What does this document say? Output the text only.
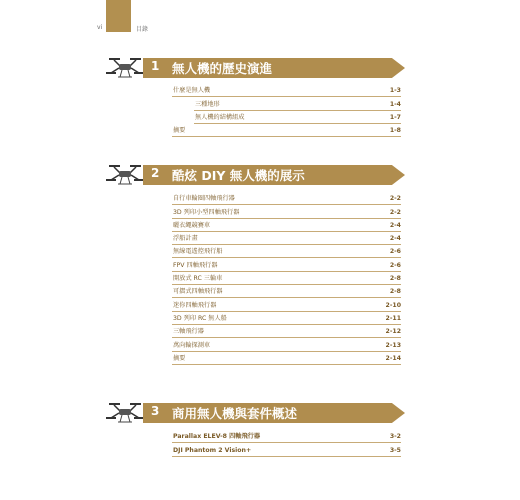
vi	目錄
1 無人機的歷史演進
什麼是無人機	1-3
三種地形	1-4
無人機的結構組成	1-7
摘要	1-8
2 酷炫 DIY 無人機的展示
自行車輪圈四軸飛行器	2-2
3D 列印小型四軸飛行器	2-2
曬衣繩競賽車	2-4
浮船計畫	2-4
無線電遙控飛行船	2-6
FPV 四軸飛行器	2-6
開放式 RC 三輪車	2-8
可摺式四軸飛行器	2-8
迷你四軸飛行器	2-10
3D 列印 RC 無人船	2-11
三軸飛行器	2-12
萬向輪探測車	2-13
摘要	2-14
3 商用無人機與套件概述
Parallax ELEV-8 四軸飛行器	3-2
DJI Phantom 2 Vision+	3-5
